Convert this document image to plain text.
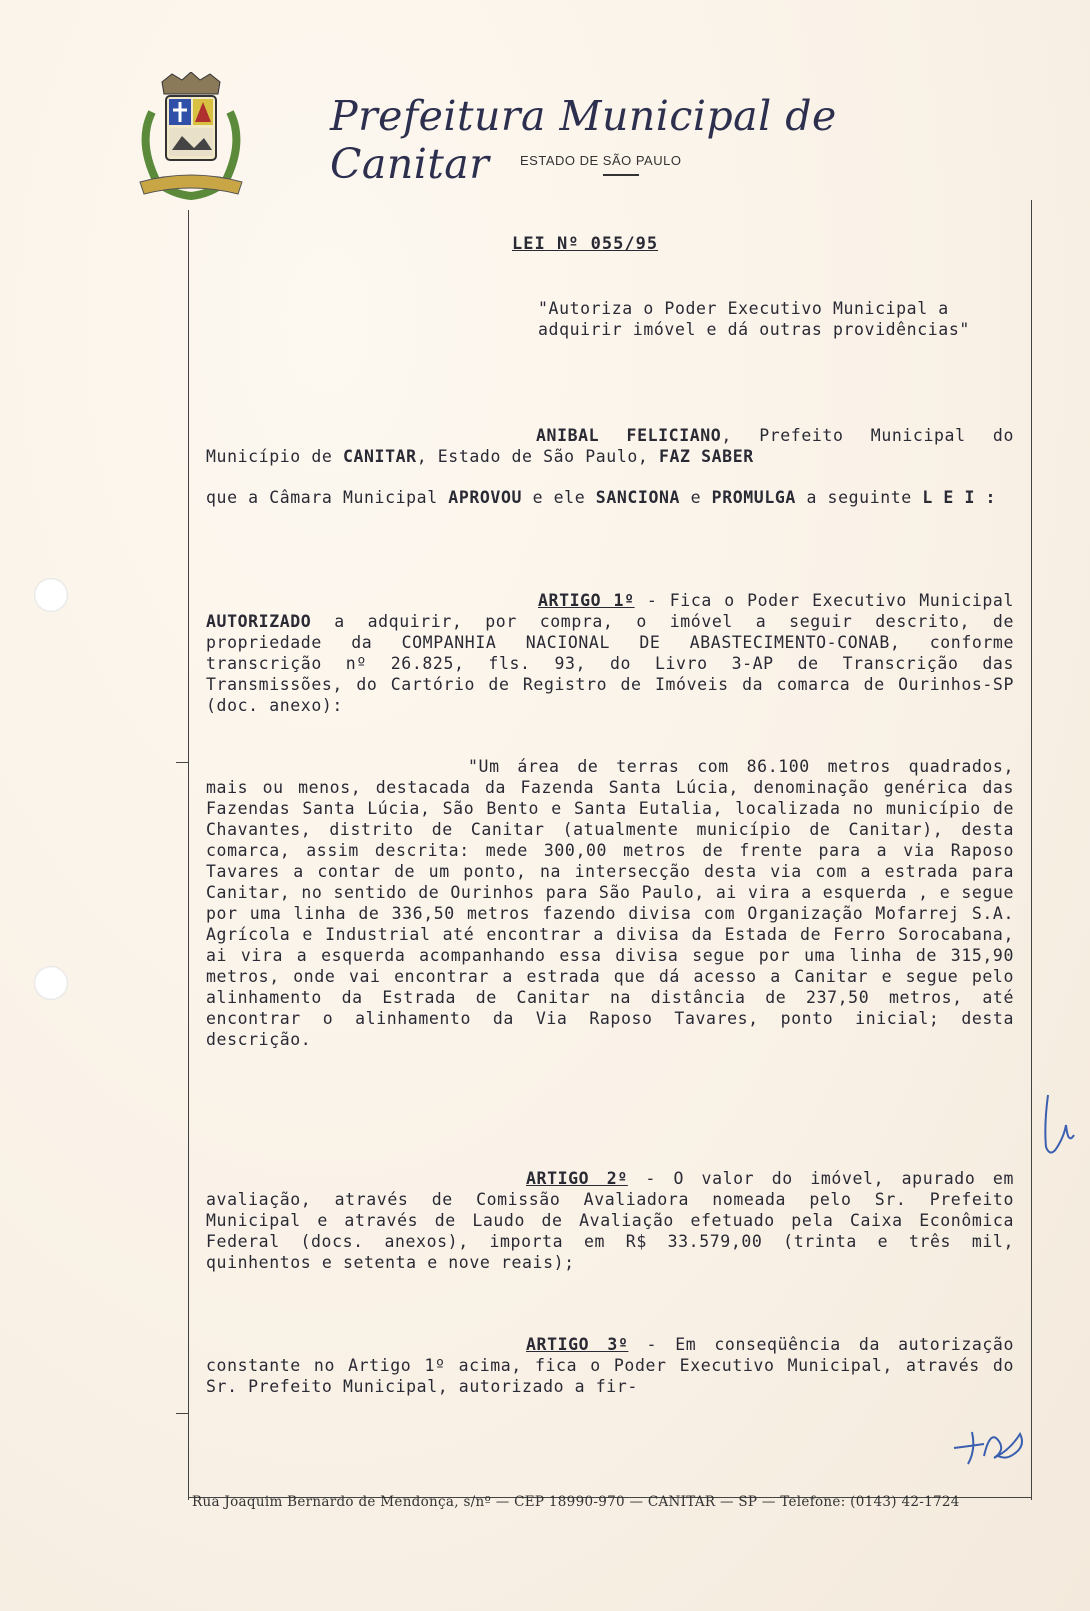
Prefeitura Municipal de Canitar	ESTADO DE SÃO PAULO
LEI Nº 055/95
"Autoriza o Poder Executivo Municipal a adquirir imóvel e dá outras providências"
ANIBAL FELICIANO, Prefeito Municipal do Município de CANITAR, Estado de São Paulo, FAZ SABER
que a Câmara Municipal APROVOU e ele SANCIONA e PROMULGA a seguinte L E I :
ARTIGO 1º - Fica o Poder Executivo Municipal AUTORIZADO a adquirir, por compra, o imóvel a seguir descrito, de propriedade da COMPANHIA NACIONAL DE ABASTECIMENTO-CONAB, conforme transcrição nº 26.825, fls. 93, do Livro 3-AP de Transcrição das Transmissões, do Cartório de Registro de Imóveis da comarca de Ourinhos-SP (doc. anexo):
"Um área de terras com 86.100 metros quadrados, mais ou menos, destacada da Fazenda Santa Lúcia, denominação genérica das Fazendas Santa Lúcia, São Bento e Santa Eutalia, localizada no município de Chavantes, distrito de Canitar (atualmente município de Canitar), desta comarca, assim descrita: mede 300,00 metros de frente para a via Raposo Tavares a contar de um ponto, na intersecção desta via com a estrada para Canitar, no sentido de Ourinhos para São Paulo, ai vira a esquerda , e segue por uma linha de 336,50 metros fazendo divisa com Organização Mofarrej S.A. Agrícola e Industrial até encontrar a divisa da Estada de Ferro Sorocabana, ai vira a esquerda acompanhando essa divisa segue por uma linha de 315,90 metros, onde vai encontrar a estrada que dá acesso a Canitar e segue pelo alinhamento da Estrada de Canitar na distância de 237,50 metros, até encontrar o alinhamento da Via Raposo Tavares, ponto inicial; desta descrição.
ARTIGO 2º - O valor do imóvel, apurado em avaliação, através de Comissão Avaliadora nomeada pelo Sr. Prefeito Municipal e através de Laudo de Avaliação efetuado pela Caixa Econômica Federal (docs. anexos), importa em R$ 33.579,00 (trinta e três mil, quinhentos e setenta e nove reais);
ARTIGO 3º - Em conseqüência da autorização constante no Artigo 1º acima, fica o Poder Executivo Municipal, através do Sr. Prefeito Municipal, autorizado a fir-
Rua Joaquim Bernardo de Mendonça, s/nº — CEP 18990-970 — CANITAR — SP — Telefone: (0143) 42-1724
